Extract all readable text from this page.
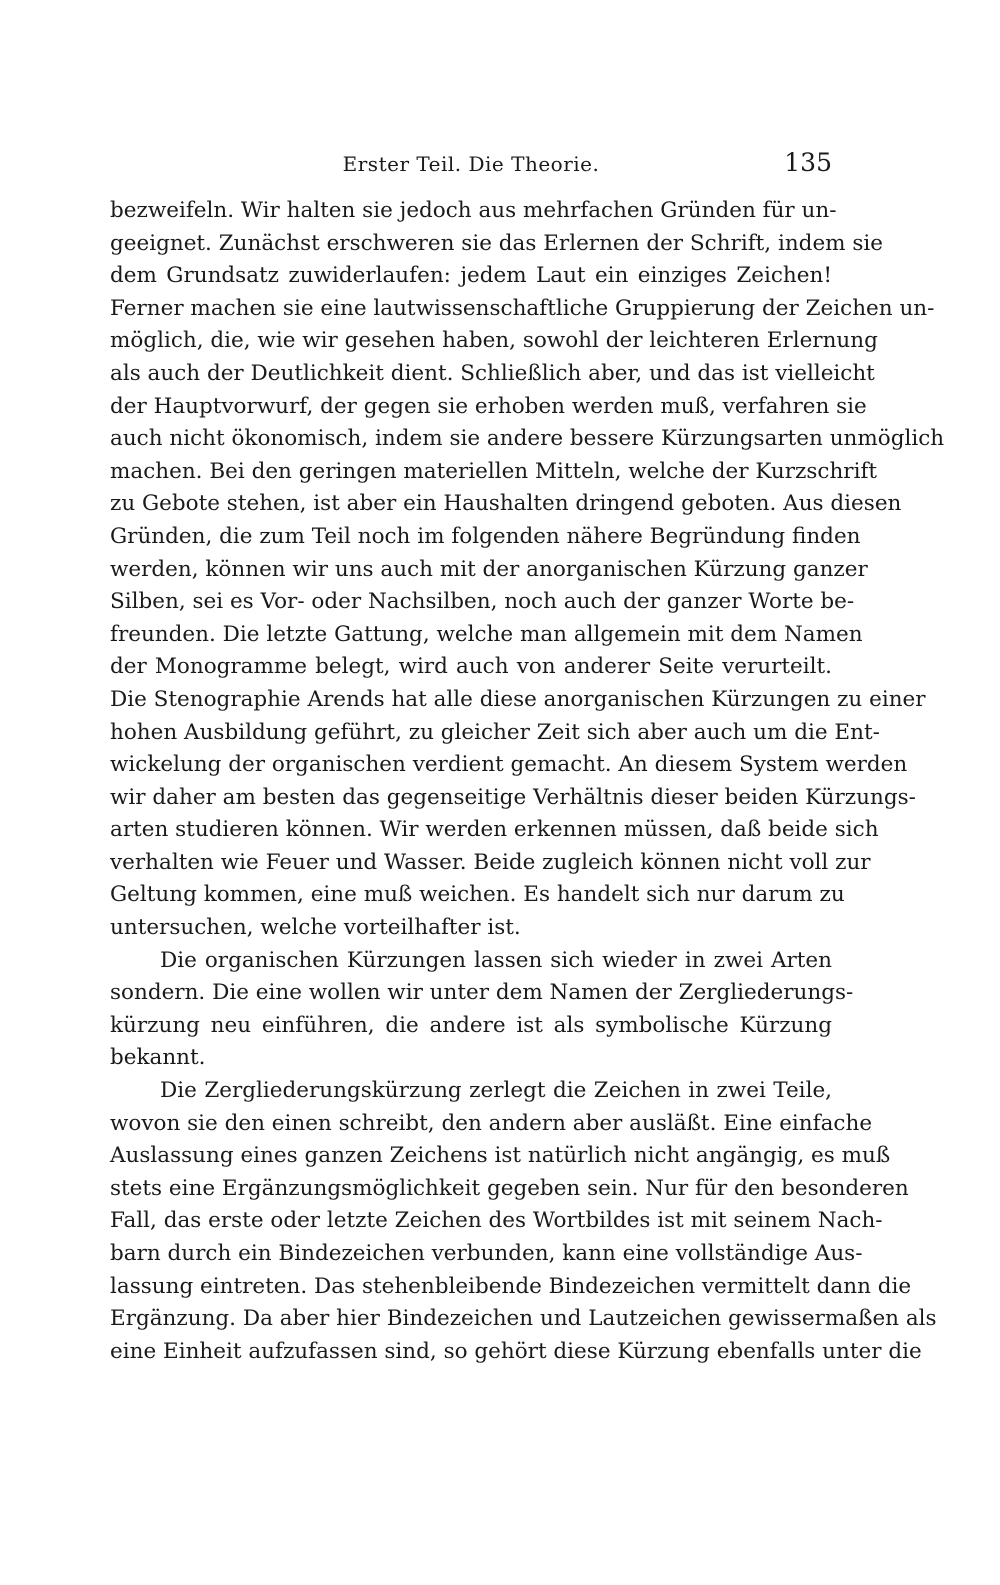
Erster Teil. Die Theorie.	135
bezweifeln. Wir halten sie jedoch aus mehrfachen Gründen für un-
geeignet. Zunächst erschweren sie das Erlernen der Schrift, indem sie
dem Grundsatz zuwiderlaufen: jedem Laut ein einziges Zeichen!
Ferner machen sie eine lautwissenschaftliche Gruppierung der Zeichen un-
möglich, die, wie wir gesehen haben, sowohl der leichteren Erlernung
als auch der Deutlichkeit dient. Schließlich aber, und das ist vielleicht
der Hauptvorwurf, der gegen sie erhoben werden muß, verfahren sie
auch nicht ökonomisch, indem sie andere bessere Kürzungsarten unmöglich
machen. Bei den geringen materiellen Mitteln, welche der Kurzschrift
zu Gebote stehen, ist aber ein Haushalten dringend geboten. Aus diesen
Gründen, die zum Teil noch im folgenden nähere Begründung finden
werden, können wir uns auch mit der anorganischen Kürzung ganzer
Silben, sei es Vor- oder Nachsilben, noch auch der ganzer Worte be-
freunden. Die letzte Gattung, welche man allgemein mit dem Namen
der Monogramme belegt, wird auch von anderer Seite verurteilt.
Die Stenographie Arends hat alle diese anorganischen Kürzungen zu einer
hohen Ausbildung geführt, zu gleicher Zeit sich aber auch um die Ent-
wickelung der organischen verdient gemacht. An diesem System werden
wir daher am besten das gegenseitige Verhältnis dieser beiden Kürzungs-
arten studieren können. Wir werden erkennen müssen, daß beide sich
verhalten wie Feuer und Wasser. Beide zugleich können nicht voll zur
Geltung kommen, eine muß weichen. Es handelt sich nur darum zu
untersuchen, welche vorteilhafter ist.
Die organischen Kürzungen lassen sich wieder in zwei Arten
sondern. Die eine wollen wir unter dem Namen der Zergliederungs-
kürzung neu einführen, die andere ist als symbolische Kürzung
bekannt.
Die Zergliederungskürzung zerlegt die Zeichen in zwei Teile,
wovon sie den einen schreibt, den andern aber ausläßt. Eine einfache
Auslassung eines ganzen Zeichens ist natürlich nicht angängig, es muß
stets eine Ergänzungsmöglichkeit gegeben sein. Nur für den besonderen
Fall, das erste oder letzte Zeichen des Wortbildes ist mit seinem Nach-
barn durch ein Bindezeichen verbunden, kann eine vollständige Aus-
lassung eintreten. Das stehenbleibende Bindezeichen vermittelt dann die
Ergänzung. Da aber hier Bindezeichen und Lautzeichen gewissermaßen als
eine Einheit aufzufassen sind, so gehört diese Kürzung ebenfalls unter die
